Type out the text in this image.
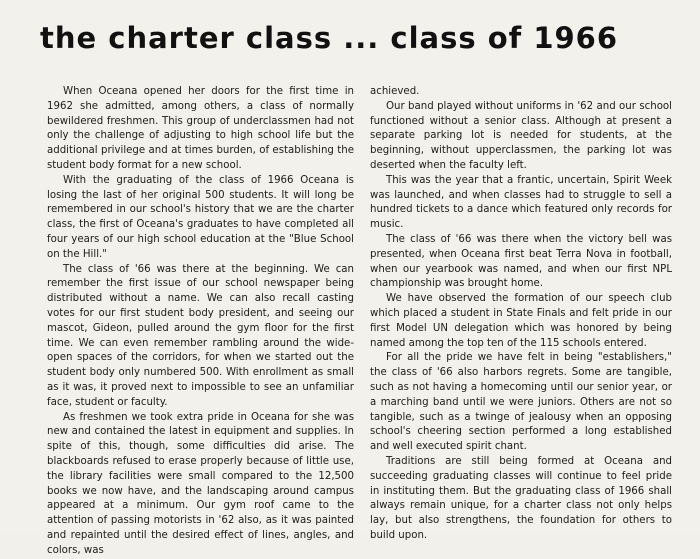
the charter class ... class of 1966

When Oceana opened her doors for the first time in 1962 she admitted, among others, a class of normally bewildered freshmen. This group of underclassmen had not only the challenge of adjusting to high school life but the additional privilege and at times burden, of establishing the student body format for a new school.

With the graduating of the class of 1966 Oceana is losing the last of her original 500 students. It will long be remembered in our school's history that we are the charter class, the first of Oceana's graduates to have completed all four years of our high school education at the "Blue School on the Hill."

The class of '66 was there at the beginning. We can remember the first issue of our school newspaper being distributed without a name. We can also recall casting votes for our first student body president, and seeing our mascot, Gideon, pulled around the gym floor for the first time. We can even remember rambling around the wide-open spaces of the corridors, for when we started out the student body only numbered 500. With enrollment as small as it was, it proved next to impossible to see an unfamiliar face, student or faculty.

As freshmen we took extra pride in Oceana for she was new and contained the latest in equipment and supplies. In spite of this, though, some difficulties did arise. The blackboards refused to erase properly because of little use, the library facilities were small compared to the 12,500 books we now have, and the landscaping around campus appeared at a minimum. Our gym roof came to the attention of passing motorists in '62 also, as it was painted and repainted until the desired effect of lines, angles, and colors, was

achieved.

Our band played without uniforms in '62 and our school functioned without a senior class. Although at present a separate parking lot is needed for students, at the beginning, without upperclassmen, the parking lot was deserted when the faculty left.

This was the year that a frantic, uncertain, Spirit Week was launched, and when classes had to struggle to sell a hundred tickets to a dance which featured only records for music.

The class of '66 was there when the victory bell was presented, when Oceana first beat Terra Nova in football, when our yearbook was named, and when our first NPL championship was brought home.

We have observed the formation of our speech club which placed a student in State Finals and felt pride in our first Model UN delegation which was honored by being named among the top ten of the 115 schools entered.

For all the pride we have felt in being "establishers," the class of '66 also harbors regrets. Some are tangible, such as not having a homecoming until our senior year, or a marching band until we were juniors. Others are not so tangible, such as a twinge of jealousy when an opposing school's cheering section performed a long established and well executed spirit chant.

Traditions are still being formed at Oceana and succeeding graduating classes will continue to feel pride in instituting them. But the graduating class of 1966 shall always remain unique, for a charter class not only helps lay, but also strengthens, the foundation for others to build upon.
